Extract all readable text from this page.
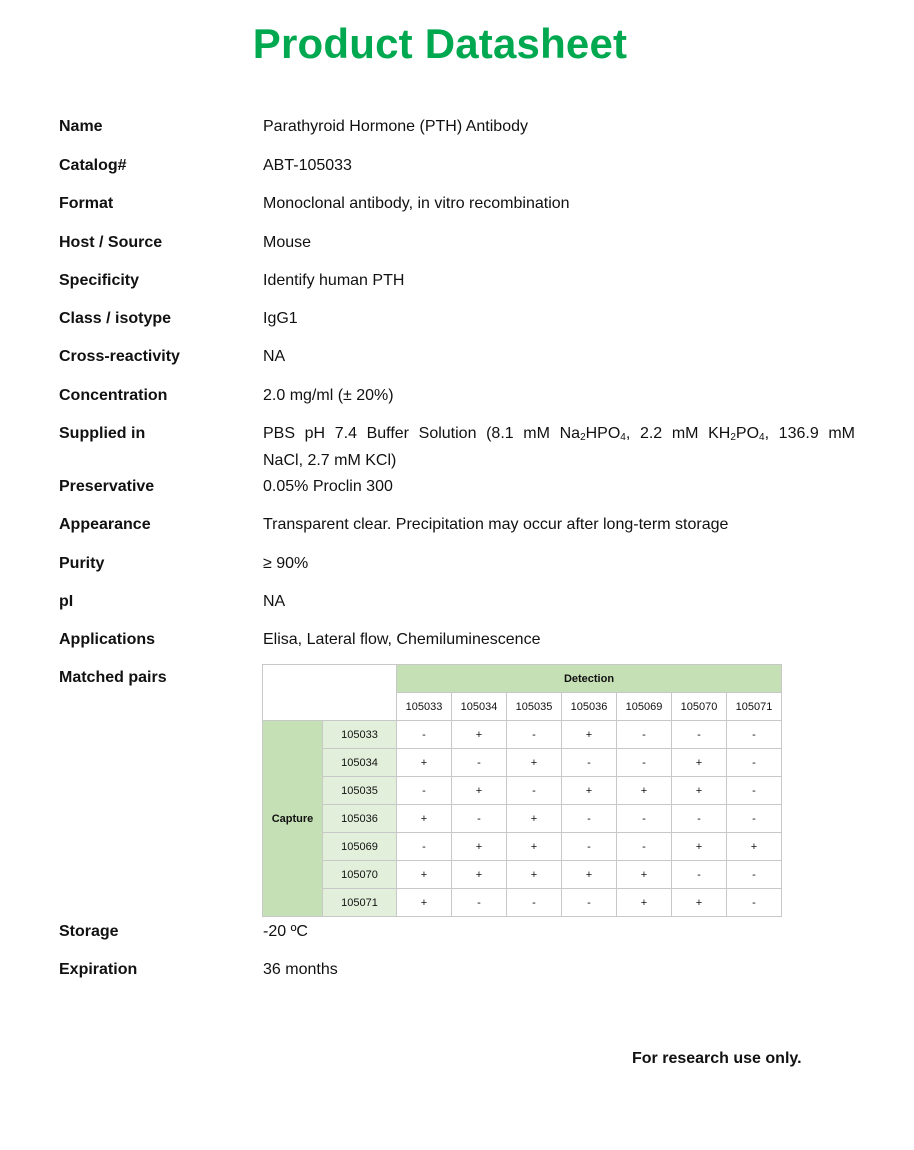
Product Datasheet
Name	Parathyroid Hormone (PTH) Antibody
Catalog#	ABT-105033
Format	Monoclonal antibody, in vitro recombination
Host / Source	Mouse
Specificity	Identify human PTH
Class / isotype	IgG1
Cross-reactivity	NA
Concentration	2.0 mg/ml (± 20%)
Supplied in	PBS pH 7.4 Buffer Solution (8.1 mM $Na_2HPO_4$, 2.2 mM $KH_2PO_4$, 136.9 mM
NaCl, 2.7 mM KCl)
Preservative	0.05% Proclin 300
Appearance	Transparent clear. Precipitation may occur after long-term storage
Purity	≥ 90%
pI	NA
Applications	Elisa, Lateral flow, Chemiluminescence
Matched pairs
		Detection						
		105033	105034	105035	105036	105069	105070	105071
Capture	105033	-	+	-	+	-	-	-
	105034	+	-	+	-	-	+	-
	105035	-	+	-	+	+	+	-
	105036	+	-	+	-	-	-	-
	105069	-	+	+	-	-	+	+
	105070	+	+	+	+	+	-	-
	105071	+	-	-	-	+	+	-
Storage	-20 ºC
Expiration	36 months
For research use only.
